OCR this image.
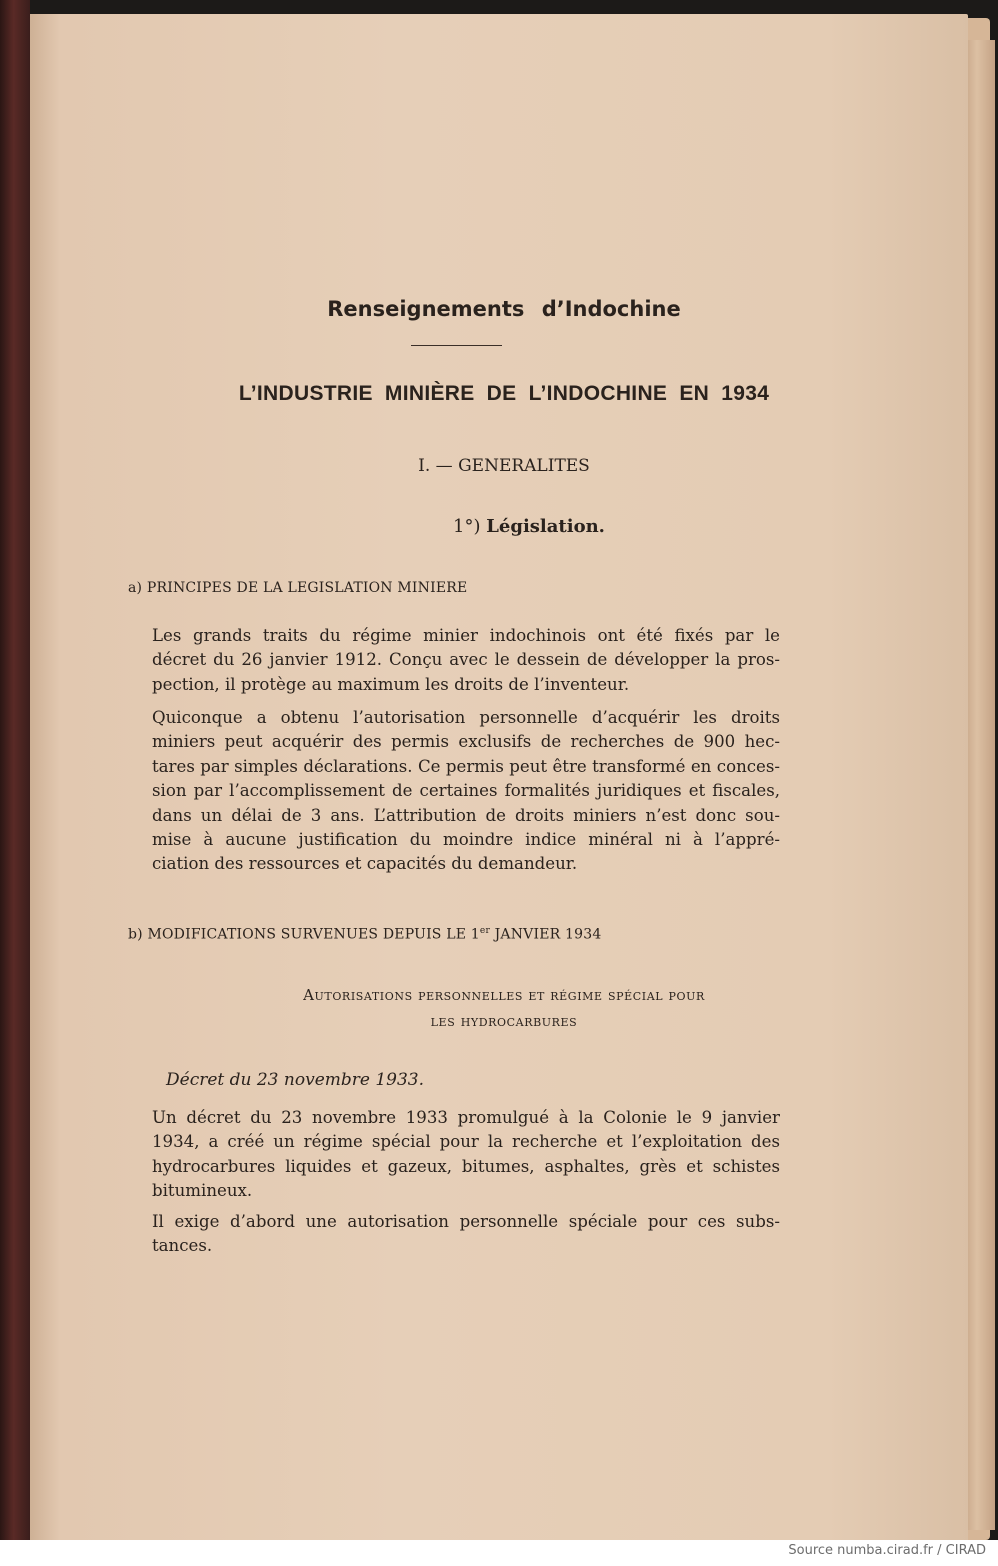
Renseignements d’Indochine
L’INDUSTRIE MINIÈRE DE L’INDOCHINE EN 1934
I. — GENERALITES
1°) Législation.
a) PRINCIPES DE LA LEGISLATION MINIERE
Les grands traits du régime minier indochinois ont été fixés par le
décret du 26 janvier 1912. Conçu avec le dessein de développer la pros-
pection, il protège au maximum les droits de l’inventeur.
Quiconque a obtenu l’autorisation personnelle d’acquérir les droits
miniers peut acquérir des permis exclusifs de recherches de 900 hec-
tares par simples déclarations. Ce permis peut être transformé en conces-
sion par l’accomplissement de certaines formalités juridiques et fiscales,
dans un délai de 3 ans. L’attribution de droits miniers n’est donc sou-
mise à aucune justification du moindre indice minéral ni à l’appré-
ciation des ressources et capacités du demandeur.
b) MODIFICATIONS SURVENUES DEPUIS LE 1er JANVIER 1934
Autorisations personnelles et régime spécial pour
les hydrocarbures
Décret du 23 novembre 1933.
Un décret du 23 novembre 1933 promulgué à la Colonie le 9 janvier
1934, a créé un régime spécial pour la recherche et l’exploitation des
hydrocarbures liquides et gazeux, bitumes, asphaltes, grès et schistes
bitumineux.
Il exige d’abord une autorisation personnelle spéciale pour ces subs-
tances.
Source numba.cirad.fr / CIRAD
